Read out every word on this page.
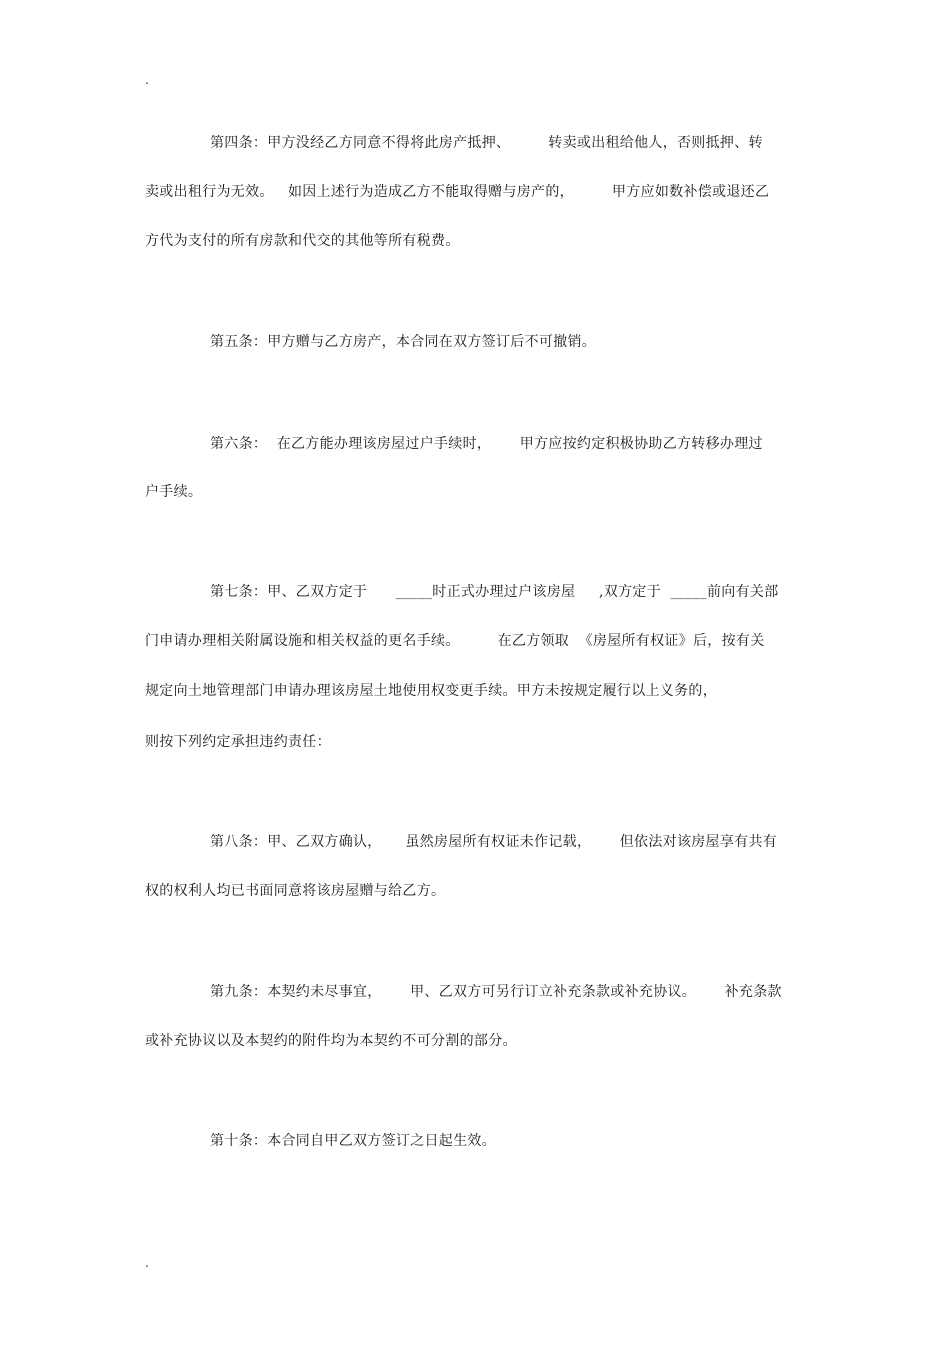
.
第四条：甲方没经乙方同意不得将此房产抵押、        转卖或出租给他人，否则抵押、转
卖或出租行为无效。   如因上述行为造成乙方不能取得赠与房产的，        甲方应如数补偿或退还乙
方代为支付的所有房款和代交的其他等所有税费。
第五条：甲方赠与乙方房产，本合同在双方签订后不可撤销。
第六条：  在乙方能办理该房屋过户手续时，      甲方应按约定积极协助乙方转移办理过
户手续。
第七条：甲、乙双方定于      _____时正式办理过户该房屋     ,双方定于  _____前向有关部
门申请办理相关附属设施和相关权益的更名手续。        在乙方领取  《房屋所有权证》后，按有关
规定向土地管理部门申请办理该房屋土地使用权变更手续。甲方未按规定履行以上义务的，
则按下列约定承担违约责任：
第八条：甲、乙双方确认，     虽然房屋所有权证未作记载，      但依法对该房屋享有共有
权的权利人均已书面同意将该房屋赠与给乙方。
第九条：本契约未尽事宜，      甲、乙双方可另行订立补充条款或补充协议。      补充条款
或补充协议以及本契约的附件均为本契约不可分割的部分。
第十条：本合同自甲乙双方签订之日起生效。
.
